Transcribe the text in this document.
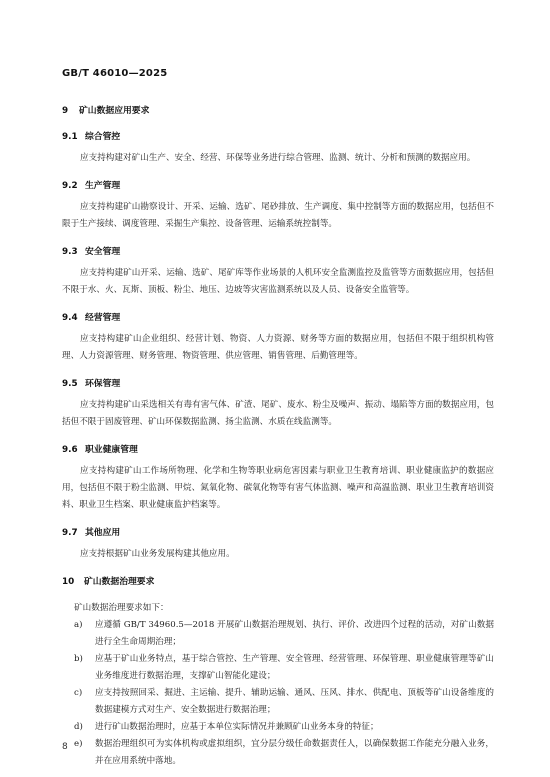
GB/T 46010—2025
9 矿山数据应用要求
9.1 综合管控

应支持构建对矿山生产、安全、经营、环保等业务进行综合管理、监测、统计、分析和预测的数据应用。

9.2 生产管理

应支持构建矿山勘察设计、开采、运输、选矿、尾砂排放、生产调度、集中控制等方面的数据应用，包括但不限于生产接续、调度管理、采掘生产集控、设备管理、运输系统控制等。

9.3 安全管理

应支持构建矿山开采、运输、选矿、尾矿库等作业场景的人机环安全监测监控及监管等方面数据应用，包括但不限于水、火、瓦斯、顶板、粉尘、地压、边坡等灾害监测系统以及人员、设备安全监管等。

9.4 经营管理

应支持构建矿山企业组织、经营计划、物资、人力资源、财务等方面的数据应用，包括但不限于组织机构管理、人力资源管理、财务管理、物资管理、供应管理、销售管理、后勤管理等。

9.5 环保管理

应支持构建矿山采选相关有毒有害气体、矿渣、尾矿、废水、粉尘及噪声、振动、塌陷等方面的数据应用，包括但不限于固废管理、矿山环保数据监测、扬尘监测、水质在线监测等。

9.6 职业健康管理

应支持构建矿山工作场所物理、化学和生物等职业病危害因素与职业卫生教育培训、职业健康监护的数据应用，包括但不限于粉尘监测、甲烷、氮氧化物、碳氧化物等有害气体监测、噪声和高温监测、职业卫生教育培训资料、职业卫生档案、职业健康监护档案等。

9.7 其他应用

应支持根据矿山业务发展构建其他应用。

10 矿山数据治理要求
矿山数据治理要求如下：
a) 应遵循 GB/T 34960.5—2018 开展矿山数据治理规划、执行、评价、改进四个过程的活动，对矿山数据进行全生命周期治理；
b) 应基于矿山业务特点，基于综合管控、生产管理、安全管理、经营管理、环保管理、职业健康管理等矿山业务维度进行数据治理，支撑矿山智能化建设；
c) 应支持按照回采、掘进、主运输、提升、辅助运输、通风、压风、排水、供配电、顶板等矿山设备维度的数据建模方式对生产、安全数据进行数据治理；
d) 进行矿山数据治理时，应基于本单位实际情况并兼顾矿山业务本身的特征；
e) 数据治理组织可为实体机构或虚拟组织，宜分层分级任命数据责任人，以确保数据工作能充分融入业务，并在应用系统中落地。
8
